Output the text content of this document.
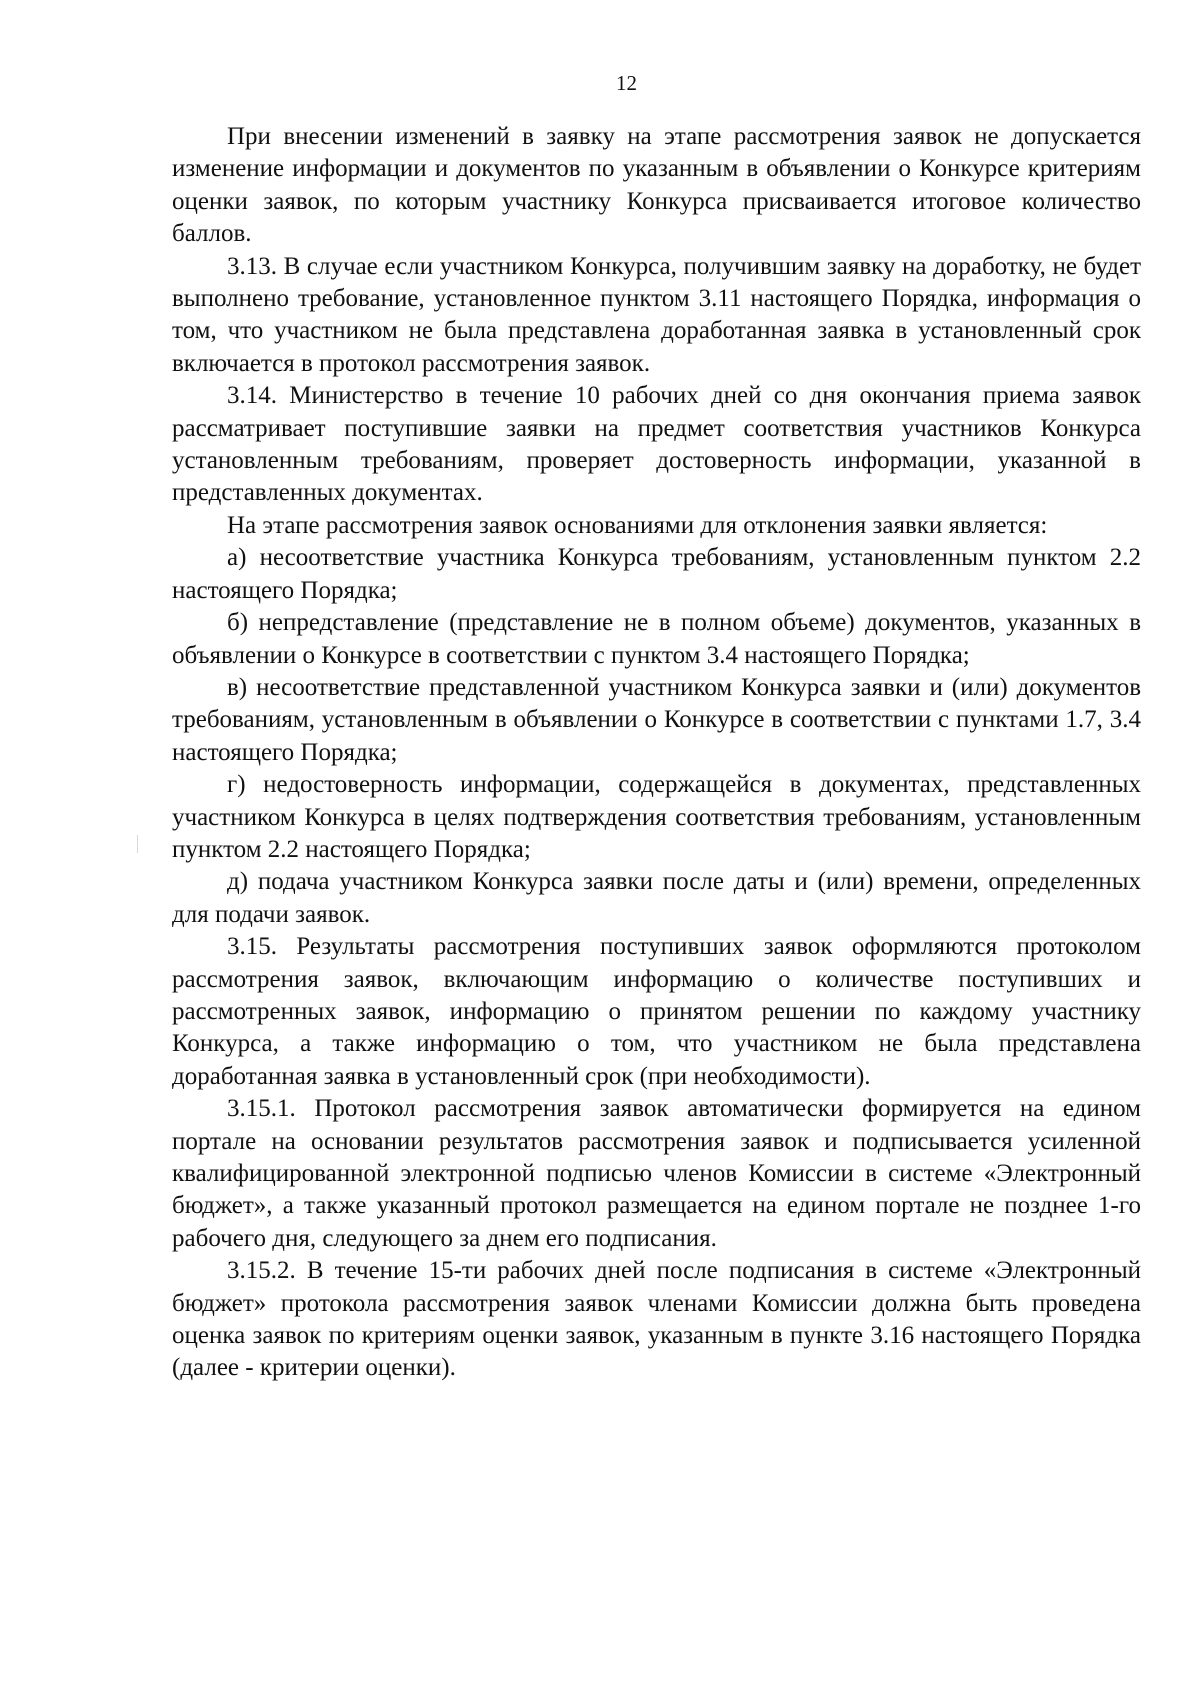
12

При внесении изменений в заявку на этапе рассмотрения заявок не допускается изменение информации и документов по указанным в объявлении о Конкурсе критериям оценки заявок, по которым участнику Конкурса присваивается итоговое количество баллов.

3.13. В случае если участником Конкурса, получившим заявку на доработку, не будет выполнено требование, установленное пунктом 3.11 настоящего Порядка, информация о том, что участником не была представлена доработанная заявка в установленный срок включается в протокол рассмотрения заявок.

3.14. Министерство в течение 10 рабочих дней со дня окончания приема заявок рассматривает поступившие заявки на предмет соответствия участников Конкурса установленным требованиям, проверяет достоверность информации, указанной в представленных документах.

На этапе рассмотрения заявок основаниями для отклонения заявки является:

а) несоответствие участника Конкурса требованиям, установленным пунктом 2.2 настоящего Порядка;

б) непредставление (представление не в полном объеме) документов, указанных в объявлении о Конкурсе в соответствии с пунктом 3.4 настоящего Порядка;

в) несоответствие представленной участником Конкурса заявки и (или) документов требованиям, установленным в объявлении о Конкурсе в соответствии с пунктами 1.7, 3.4 настоящего Порядка;

г) недостоверность информации, содержащейся в документах, представленных участником Конкурса в целях подтверждения соответствия требованиям, установленным пунктом 2.2 настоящего Порядка;

д) подача участником Конкурса заявки после даты и (или) времени, определенных для подачи заявок.

3.15. Результаты рассмотрения поступивших заявок оформляются протоколом рассмотрения заявок, включающим информацию о количестве поступивших и рассмотренных заявок, информацию о принятом решении по каждому участнику Конкурса, а также информацию о том, что участником не была представлена доработанная заявка в установленный срок (при необходимости).

3.15.1. Протокол рассмотрения заявок автоматически формируется на едином портале на основании результатов рассмотрения заявок и подписывается усиленной квалифицированной электронной подписью членов Комиссии в системе «Электронный бюджет», а также указанный протокол размещается на едином портале не позднее 1-го рабочего дня, следующего за днем его подписания.

3.15.2. В течение 15-ти рабочих дней после подписания в системе «Электронный бюджет» протокола рассмотрения заявок членами Комиссии должна быть проведена оценка заявок по критериям оценки заявок, указанным в пункте 3.16 настоящего Порядка (далее - критерии оценки).
